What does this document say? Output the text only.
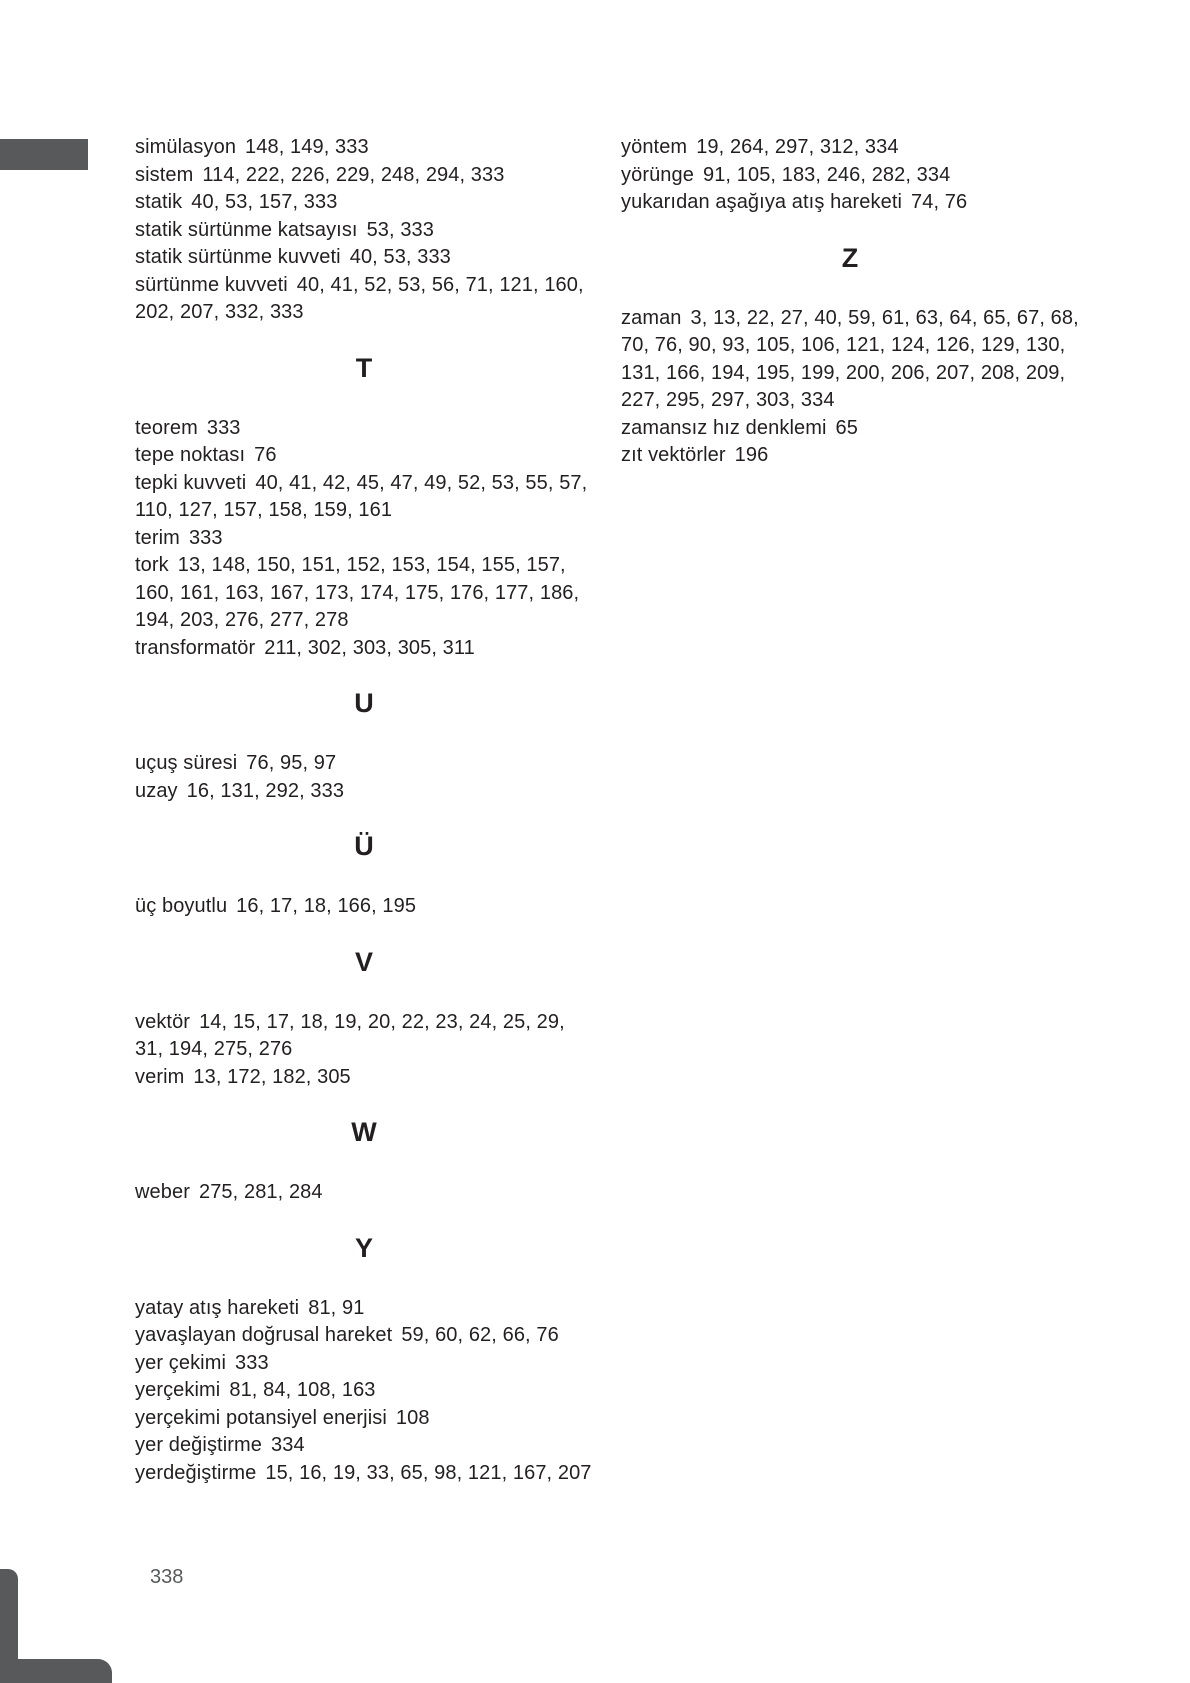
simülasyon 148, 149, 333

sistem 114, 222, 226, 229, 248, 294, 333

statik 40, 53, 157, 333

statik sürtünme katsayısı 53, 333

statik sürtünme kuvveti 40, 53, 333

sürtünme kuvveti 40, 41, 52, 53, 56, 71, 121, 160, 202, 207, 332, 333

T

teorem 333

tepe noktası 76

tepki kuvveti 40, 41, 42, 45, 47, 49, 52, 53, 55, 57, 110, 127, 157, 158, 159, 161

terim 333

tork 13, 148, 150, 151, 152, 153, 154, 155, 157, 160, 161, 163, 167, 173, 174, 175, 176, 177, 186, 194, 203, 276, 277, 278

transformatör 211, 302, 303, 305, 311

U

uçuş süresi 76, 95, 97

uzay 16, 131, 292, 333

Ü

üç boyutlu 16, 17, 18, 166, 195

V

vektör 14, 15, 17, 18, 19, 20, 22, 23, 24, 25, 29, 31, 194, 275, 276

verim 13, 172, 182, 305

W

weber 275, 281, 284

Y

yatay atış hareketi 81, 91

yavaşlayan doğrusal hareket 59, 60, 62, 66, 76

yer çekimi 333

yerçekimi 81, 84, 108, 163

yerçekimi potansiyel enerjisi 108

yer değiştirme 334

yerdeğiştirme 15, 16, 19, 33, 65, 98, 121, 167, 207

yöntem 19, 264, 297, 312, 334

yörünge 91, 105, 183, 246, 282, 334

yukarıdan aşağıya atış hareketi 74, 76

Z

zaman 3, 13, 22, 27, 40, 59, 61, 63, 64, 65, 67, 68, 70, 76, 90, 93, 105, 106, 121, 124, 126, 129, 130, 131, 166, 194, 195, 199, 200, 206, 207, 208, 209, 227, 295, 297, 303, 334

zamansız hız denklemi 65

zıt vektörler 196

338
